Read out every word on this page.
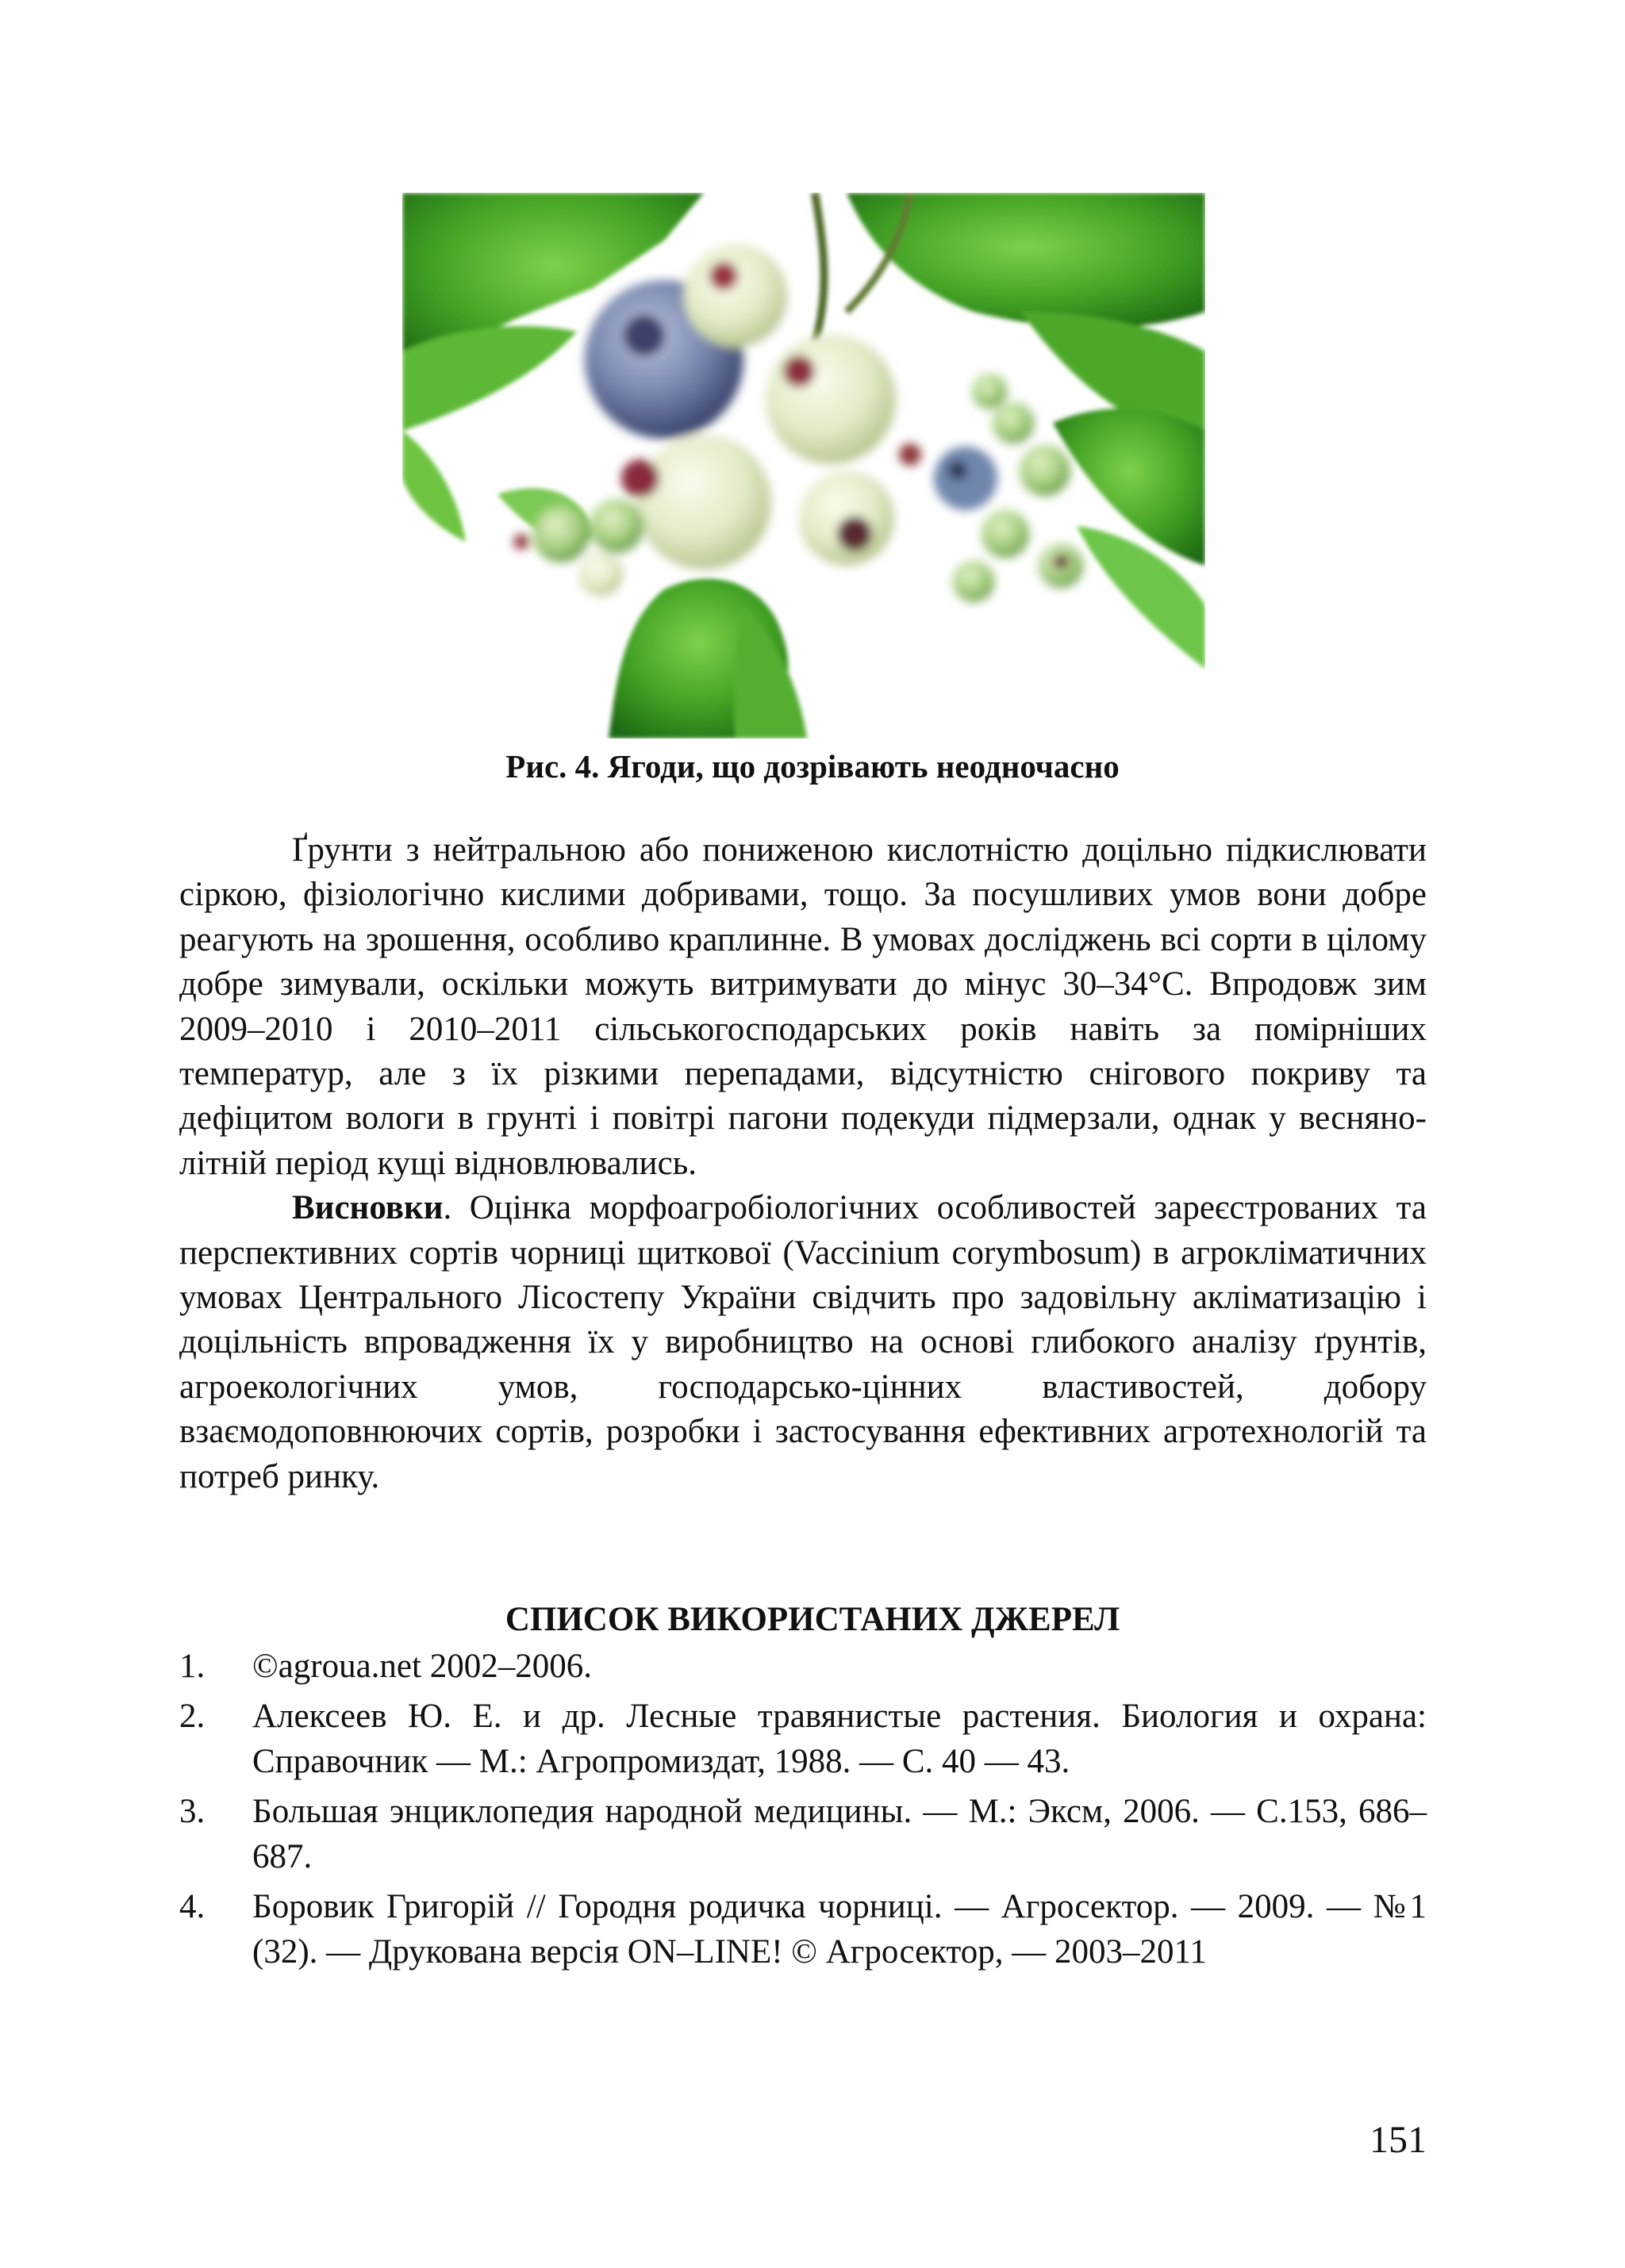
Рис. 4. Ягоди, що дозрівають неодночасно

Ґрунти з нейтральною або пониженою кислотністю доцільно підкислювати сіркою, фізіологічно кислими добривами, тощо. За посушливих умов вони добре реагують на зрошення, особливо краплинне. В умовах досліджень всі сорти в цілому добре зимували, оскільки можуть витримувати до мінус 30–34°С. Впродовж зим 2009–2010 і 2010–2011 сільськогосподарських років навіть за помірніших температур, але з їх різкими перепадами, відсутністю снігового покриву та дефіцитом вологи в грунті і повітрі пагони подекуди підмерзали, однак у весняно-літній період кущі відновлювались.

Висновки. Оцінка морфоагробіологічних особливостей зареєстрованих та перспективних сортів чорниці щиткової (Vaccinium corymbosum) в агрокліматичних умовах Центрального Лісостепу України свідчить про задовільну акліматизацію і доцільність впровадження їх у виробництво на основі глибокого аналізу ґрунтів, агроекологічних умов, господарсько-цінних властивостей, добору взаємодоповнюючих сортів, розробки і застосування ефективних агротехнологій та потреб ринку.

СПИСОК ВИКОРИСТАНИХ ДЖЕРЕЛ
1. ©agroua.net 2002–2006.
2. Алексеев Ю. Е. и др. Лесные травянистые растения. Биология и охрана: Справочник — М.: Агропромиздат, 1988. — С. 40 — 43.
3. Большая энциклопедия народной медицины. — М.: Эксм, 2006. — С.153, 686–687.
4. Боровик Григорій // Городня родичка чорниці. — Агросектор. — 2009. — №1 (32). — Друкована версія ON–LINE! © Агросектор, — 2003–2011
151
